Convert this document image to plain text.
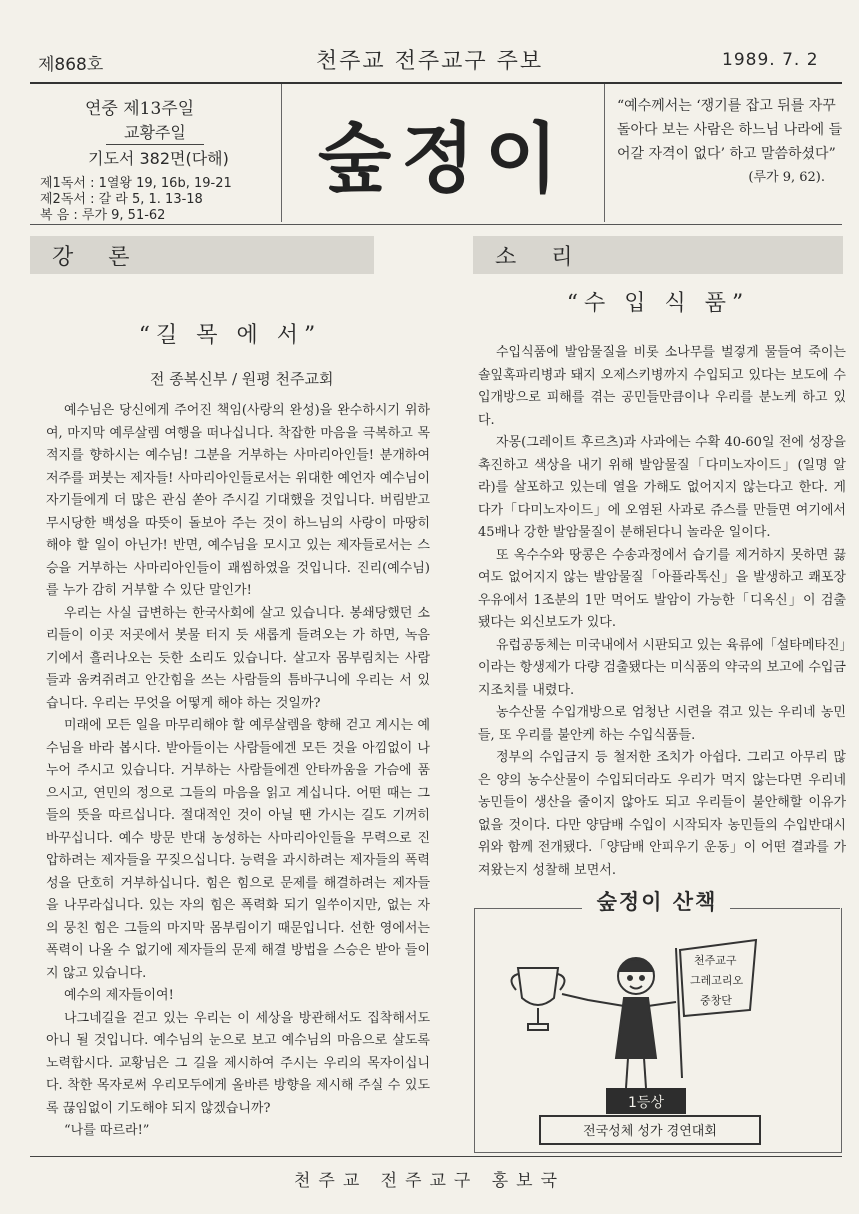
제868호	천주교 전주교구 주보	1989. 7. 2
연중 제13주일
교황주일
기도서 382면(다해)
제1독서 : 1열왕 19, 16b, 19-21
제2독서 : 갈 라 5, 1. 13-18
복 음 : 루가 9, 51-62
숲정이
“예수께서는 ‘쟁기를 잡고 뒤를 자꾸 돌아다 보는 사람은 하느님 나라에 들어갈 자격이 없다’ 하고 말씀하셨다”
(루가 9, 62).
강 론	소 리
“길 목 에 서”
전 종복신부 / 원평 천주교회

예수님은 당신에게 주어진 책임(사랑의 완성)을 완수하시기 위하여, 마지막 예루살렘 여행을 떠나십니다. 착잡한 마음을 극복하고 목적지를 향하시는 예수님! 그분을 거부하는 사마리아인들! 분개하여 저주를 퍼붓는 제자들! 사마리아인들로서는 위대한 예언자 예수님이 자기들에게 더 많은 관심 쏟아 주시길 기대했을 것입니다. 버림받고 무시당한 백성을 따뜻이 돌보아 주는 것이 하느님의 사랑이 마땅히 해야 할 일이 아닌가! 반면, 예수님을 모시고 있는 제자들로서는 스승을 거부하는 사마리아인들이 괘씸하였을 것입니다. 진리(예수님)를 누가 감히 거부할 수 있단 말인가!

우리는 사실 급변하는 한국사회에 살고 있습니다. 봉쇄당했던 소리들이 이곳 저곳에서 봇물 터지 듯 새롭게 들려오는 가 하면, 녹음기에서 흘러나오는 듯한 소리도 있습니다. 살고자 몸부림치는 사람들과 움켜쥐려고 안간힘을 쓰는 사람들의 틈바구니에 우리는 서 있습니다. 우리는 무엇을 어떻게 해야 하는 것일까?

미래에 모든 일을 마무리해야 할 예루살렘을 향해 걷고 계시는 예수님을 바라 봅시다. 받아들이는 사람들에겐 모든 것을 아낌없이 나누어 주시고 있습니다. 거부하는 사람들에겐 안타까움을 가슴에 품으시고, 연민의 정으로 그들의 마음을 읽고 계십니다. 어떤 때는 그들의 뜻을 따르십니다. 절대적인 것이 아닐 땐 가시는 길도 기꺼히 바꾸십니다. 예수 방문 반대 농성하는 사마리아인들을 무력으로 진압하려는 제자들을 꾸짖으십니다. 능력을 과시하려는 제자들의 폭력성을 단호히 거부하십니다. 힘은 힘으로 문제를 해결하려는 제자들을 나무라십니다. 있는 자의 힘은 폭력화 되기 일쑤이지만, 없는 자의 뭉친 힘은 그들의 마지막 몸부림이기 때문입니다. 선한 영에서는 폭력이 나올 수 없기에 제자들의 문제 해결 방법을 스승은 받아 들이지 않고 있습니다.

예수의 제자들이여!

나그네길을 걷고 있는 우리는 이 세상을 방관해서도 집착해서도 아니 될 것입니다. 예수님의 눈으로 보고 예수님의 마음으로 살도록 노력합시다. 교황님은 그 길을 제시하여 주시는 우리의 목자이십니다. 착한 목자로써 우리모두에게 올바른 방향을 제시해 주실 수 있도록 끊임없이 기도해야 되지 않겠습니까?

“나를 따르라!”

“수 입 식 품”

수입식품에 발암물질을 비롯 소나무를 벌겋게 물들여 죽이는 솔잎혹파리병과 돼지 오제스키병까지 수입되고 있다는 보도에 수입개방으로 피해를 겪는 공민들만큼이나 우리를 분노케 하고 있다.

자몽(그레이트 후르츠)과 사과에는 수확 40-60일 전에 성장을 촉진하고 색상을 내기 위해 발암물질「다미노자이드」(일명 알라)를 살포하고 있는데 열을 가해도 없어지지 않는다고 한다. 게다가「다미노자이드」에 오염된 사과로 쥬스를 만들면 여기에서 45배나 강한 발암물질이 분해된다니 놀라운 일이다.

또 옥수수와 땅콩은 수송과정에서 습기를 제거하지 못하면 끓여도 없어지지 않는 발암물질「아플라톡신」을 발생하고 쾌포장 우유에서 1조분의 1만 먹어도 발암이 가능한「디옥신」이 검출됐다는 외신보도가 있다.

유럽공동체는 미국내에서 시판되고 있는 육류에「설타메타진」이라는 항생제가 다량 검출됐다는 미식품의 약국의 보고에 수입금지조치를 내렸다.

농수산물 수입개방으로 엄청난 시련을 겪고 있는 우리네 농민들, 또 우리를 불안케 하는 수입식품들.

정부의 수입금지 등 철저한 조치가 아쉽다. 그리고 아무리 많은 양의 농수산물이 수입되더라도 우리가 먹지 않는다면 우리네 농민들이 생산을 줄이지 않아도 되고 우리들이 불안해할 이유가 없을 것이다. 다만 양담배 수입이 시작되자 농민들의 수입반대시위와 함께 전개됐다.「양담배 안피우기 운동」이 어떤 결과를 가져왔는지 성찰해 보면서.

숲정이 산책
천주교구
그레고리오
중창단
1등상
전국성체 성가 경연대회
천주교 전주교구 홍보국
